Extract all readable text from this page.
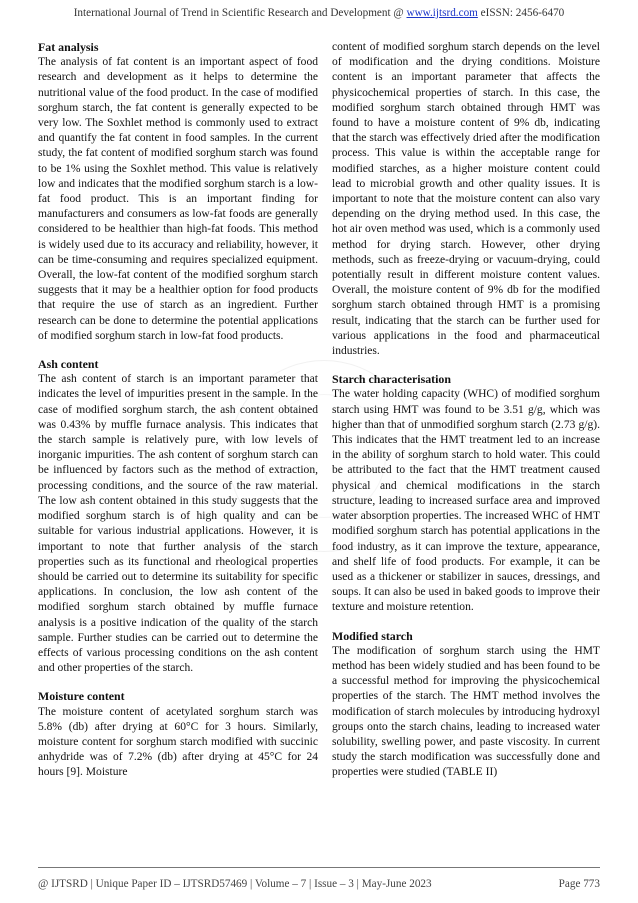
International Journal of Trend in Scientific Research and Development @ www.ijtsrd.com eISSN: 2456-6470
Fat analysis

The analysis of fat content is an important aspect of food research and development as it helps to determine the nutritional value of the food product. In the case of modified sorghum starch, the fat content is generally expected to be very low. The Soxhlet method is commonly used to extract and quantify the fat content in food samples. In the current study, the fat content of modified sorghum starch was found to be 1% using the Soxhlet method. This value is relatively low and indicates that the modified sorghum starch is a low-fat food product. This is an important finding for manufacturers and consumers as low-fat foods are generally considered to be healthier than high-fat foods. This method is widely used due to its accuracy and reliability, however, it can be time-consuming and requires specialized equipment. Overall, the low-fat content of the modified sorghum starch suggests that it may be a healthier option for food products that require the use of starch as an ingredient. Further research can be done to determine the potential applications of modified sorghum starch in low-fat food products.

Ash content

The ash content of starch is an important parameter that indicates the level of impurities present in the sample. In the case of modified sorghum starch, the ash content obtained was 0.43% by muffle furnace analysis. This indicates that the starch sample is relatively pure, with low levels of inorganic impurities. The ash content of sorghum starch can be influenced by factors such as the method of extraction, processing conditions, and the source of the raw material. The low ash content obtained in this study suggests that the modified sorghum starch is of high quality and can be suitable for various industrial applications. However, it is important to note that further analysis of the starch properties such as its functional and rheological properties should be carried out to determine its suitability for specific applications. In conclusion, the low ash content of the modified sorghum starch obtained by muffle furnace analysis is a positive indication of the quality of the starch sample. Further studies can be carried out to determine the effects of various processing conditions on the ash content and other properties of the starch.

Moisture content

The moisture content of acetylated sorghum starch was 5.8% (db) after drying at 60°C for 3 hours. Similarly, moisture content for sorghum starch modified with succinic anhydride was of 7.2% (db) after drying at 45°C for 24 hours [9]. Moisture

content of modified sorghum starch depends on the level of modification and the drying conditions. Moisture content is an important parameter that affects the physicochemical properties of starch. In this case, the modified sorghum starch obtained through HMT was found to have a moisture content of 9% db, indicating that the starch was effectively dried after the modification process. This value is within the acceptable range for modified starches, as a higher moisture content could lead to microbial growth and other quality issues. It is important to note that the moisture content can also vary depending on the drying method used. In this case, the hot air oven method was used, which is a commonly used method for drying starch. However, other drying methods, such as freeze-drying or vacuum-drying, could potentially result in different moisture content values. Overall, the moisture content of 9% db for the modified sorghum starch obtained through HMT is a promising result, indicating that the starch can be further used for various applications in the food and pharmaceutical industries.

Starch characterisation

The water holding capacity (WHC) of modified sorghum starch using HMT was found to be 3.51 g/g, which was higher than that of unmodified sorghum starch (2.73 g/g). This indicates that the HMT treatment led to an increase in the ability of sorghum starch to hold water. This could be attributed to the fact that the HMT treatment caused physical and chemical modifications in the starch structure, leading to increased surface area and improved water absorption properties. The increased WHC of HMT modified sorghum starch has potential applications in the food industry, as it can improve the texture, appearance, and shelf life of food products. For example, it can be used as a thickener or stabilizer in sauces, dressings, and soups. It can also be used in baked goods to improve their texture and moisture retention.

Modified starch

The modification of sorghum starch using the HMT method has been widely studied and has been found to be a successful method for improving the physicochemical properties of the starch. The HMT method involves the modification of starch molecules by introducing hydroxyl groups onto the starch chains, leading to increased water solubility, swelling power, and paste viscosity. In current study the starch modification was successfully done and properties were studied (TABLE II)

@ IJTSRD | Unique Paper ID – IJTSRD57469 | Volume – 7 | Issue – 3 | May-June 2023	Page 773
